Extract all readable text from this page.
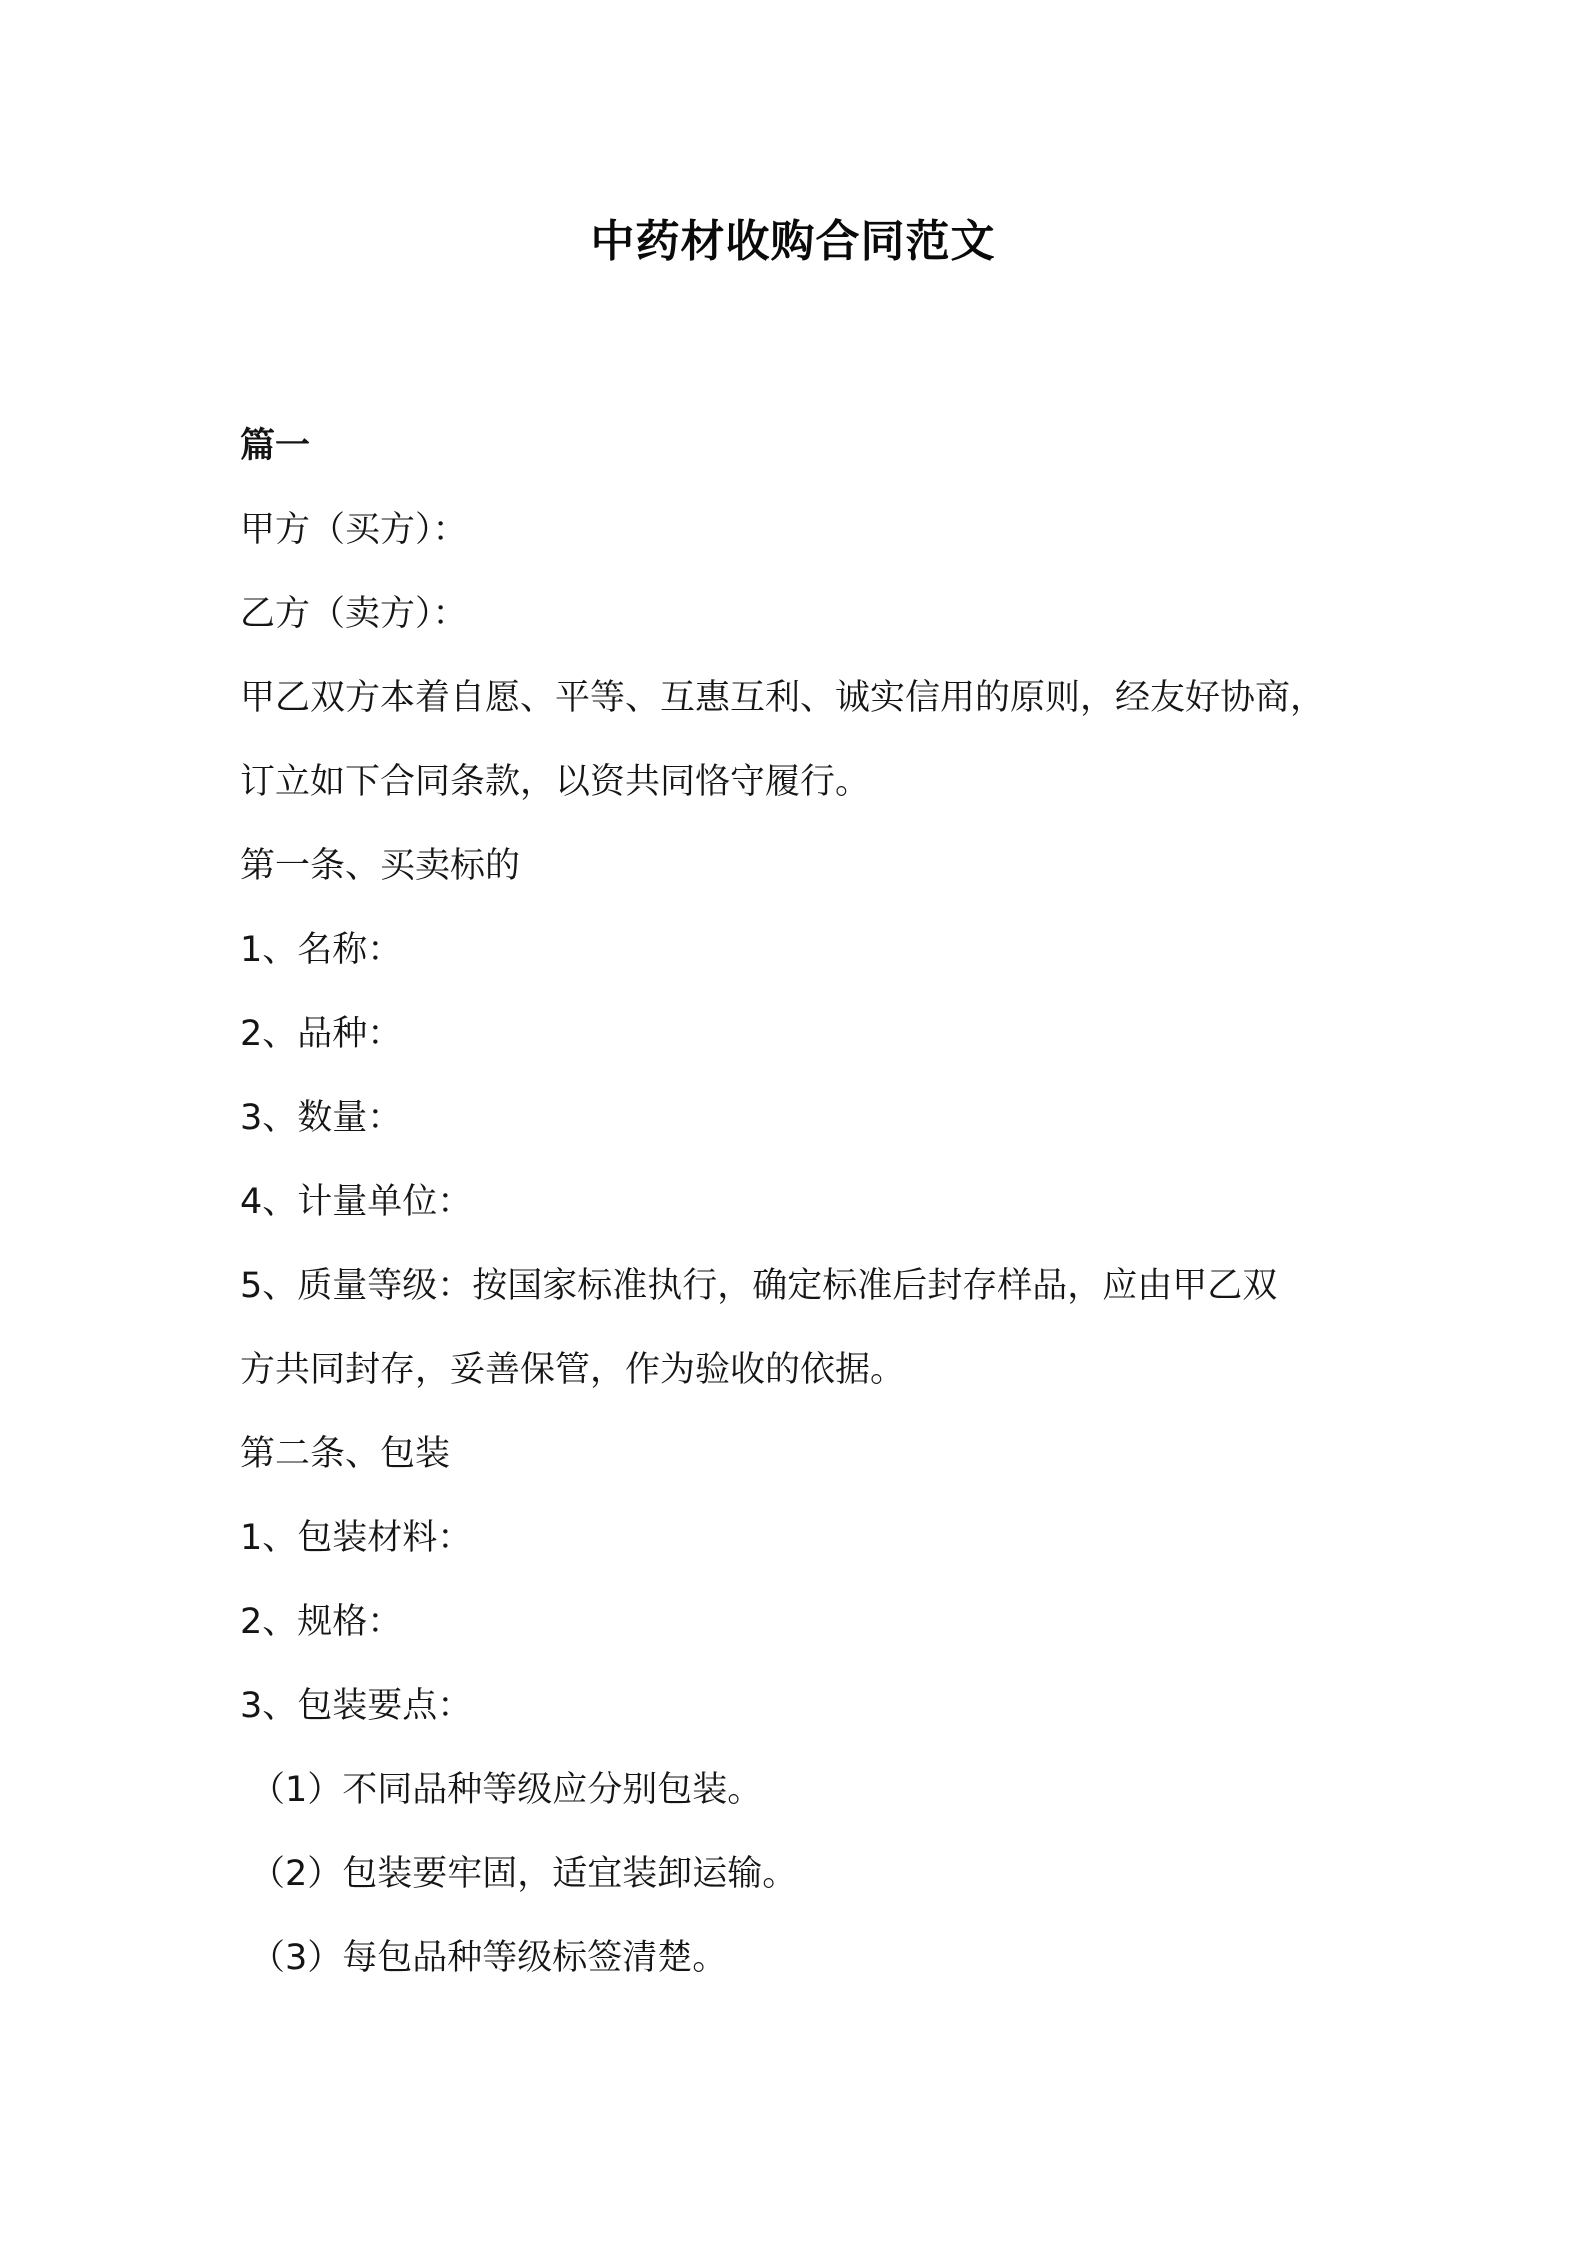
中药材收购合同范文
篇一
甲方（买方）：
乙方（卖方）：
甲乙双方本着自愿、平等、互惠互利、诚实信用的原则，经友好协商，
订立如下合同条款，以资共同恪守履行。
第一条、买卖标的
1、名称：
2、品种：
3、数量：
4、计量单位：
5、质量等级：按国家标准执行，确定标准后封存样品，应由甲乙双
方共同封存，妥善保管，作为验收的依据。
第二条、包装
1、包装材料：
2、规格：
3、包装要点：
（1）不同品种等级应分别包装。
（2）包装要牢固，适宜装卸运输。
（3）每包品种等级标签清楚。
